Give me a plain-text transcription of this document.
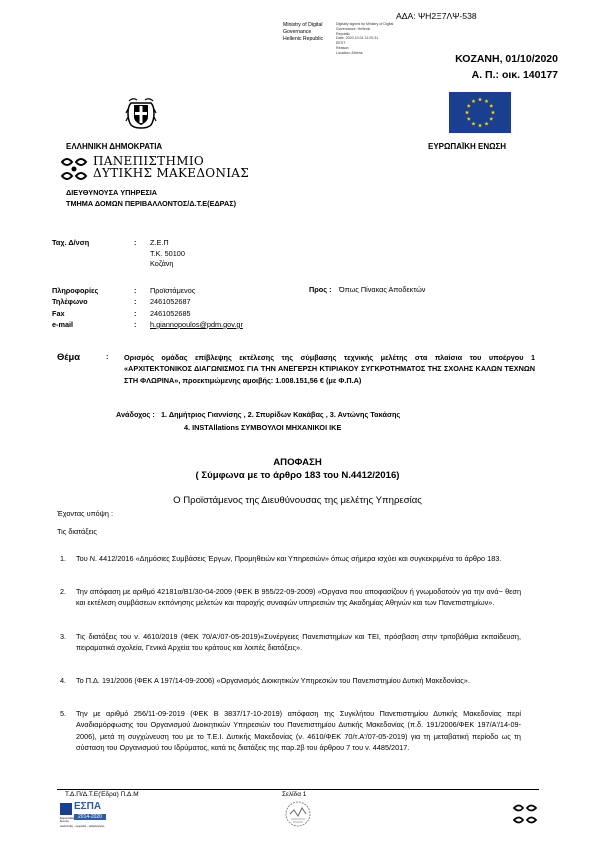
ΑΔΑ: ΨΗ2Ξ7ΛΨ-538
Ministry of Digital
Governance
Hellenic Republic
Digitally signed by Ministry of Digital
Governance, Hellenic
Republic
Date: 2020.10.01 11:20:31
EEST
Reason:
Location: Athens
ΚΟΖΑΝΗ, 01/10/2020
Α. Π.: οικ. 140177
ΕΛΛΗΝΙΚΗ ΔΗΜΟΚΡΑΤΙΑ	ΕΥΡΩΠΑΪΚΗ ΕΝΩΣΗ
ΠΑΝΕΠΙΣΤΗΜΙΟ
ΔΥΤΙΚΗΣ ΜΑΚΕΔΟΝΙΑΣ
ΔΙΕΥΘΥΝΟΥΣΑ ΥΠΗΡΕΣΙΑ
ΤΜΗΜΑ ΔΟΜΩΝ ΠΕΡΙΒΑΛΛΟΝΤΟΣ/Δ.Τ.Ε(ΕΔΡΑΣ)
Ταχ. Δ/νση	: Ζ.Ε.Π
Τ.Κ. 50100
Κοζάνη
Πληροφορίες	:	Προϊστάμενος
Τηλέφωνο	:	2461052687
Fax	:	2461052685
e-mail	:	h.giannopoulos@pdm.gov.gr
Προς : Όπως Πίνακας Αποδεκτών
Θέμα	: Ορισμός ομάδας επίβλεψης εκτέλεσης της σύμβασης τεχνικής μελέτης στα πλαίσια του υποέργου 1 «ΑΡΧΙΤΕΚΤΟΝΙΚΟΣ ΔΙΑΓΩΝΙΣΜΟΣ ΓΙΑ ΤΗΝ ΑΝΕΓΕΡΣΗ ΚΤΙΡΙΑΚΟΥ ΣΥΓΚΡΟΤΗΜΑΤΟΣ ΤΗΣ ΣΧΟΛΗΣ ΚΑΛΩΝ ΤΕΧΝΩΝ ΣΤΗ ΦΛΩΡΙΝΑ», προεκτιμώμενης αμοιβής: 1.008.151,56 € (με Φ.Π.Α)
Ανάδοχος : 1. Δημήτριος Γιαννίσης , 2. Σπυρίδων Κακάβας , 3. Αντώνης Τακάσης
4. INSTAllations ΣΥΜΒΟΥΛΟΙ ΜΗΧΑΝΙΚΟΙ ΙΚΕ
ΑΠΟΦΑΣΗ
( Σύμφωνα με το άρθρο 183 του Ν.4412/2016)
Ο Προϊστάμενος της Διευθύνουσας της μελέτης Υπηρεσίας
Έχοντας υπόψη :
Τις διατάξεις
1. Του Ν. 4412/2016 «Δημόσιες Συμβάσεις Έργων, Προμηθειών και Υπηρεσιών» όπως σήμερα ισχύει και συγκεκριμένα το άρθρο 183.
2. Την απόφαση με αριθμό 42181α/Β1/30-04-2009 (ΦΕΚ Β 955/22-09-2009) «Όργανα που αποφασίζουν ή γνωμοδοτούν για την ανά− θεση και εκτέλεση συμβάσεων εκπόνησης μελετών και παροχής συναφών υπηρεσιών της Ακαδημίας Αθηνών και των Πανεπιστημίων».
3. Τις διατάξεις του ν. 4610/2019 (ΦΕΚ 70/Α'/07-05-2019)«Συνέργειες Πανεπιστημίων και ΤΕΙ, πρόσβαση στην τριτοβάθμια εκπαίδευση, πειραματικά σχολεία, Γενικά Αρχεία του κράτους και λοιπές διατάξεις».
4. Το Π.Δ. 191/2006 (ΦΕΚ Α 197/14-09-2006) «Οργανισμός Διοικητικών Υπηρεσιών του Πανεπιστημίου Δυτική Μακεδονίας».
5. Την με αριθμό 256/11-09-2019 (ΦΕΚ Β 3837/17-10-2019) απόφαση της Συγκλήτου Πανεπιστημίου Δυτικής Μακεδονίας περί Αναδιαμόρφωσης του Οργανισμού Διοικητικών Υπηρεσιών του Πανεπιστημίου Δυτικής Μακεδονίας (π.δ. 191/2006/ΦΕΚ 197/Α'/14-09-2006), μετά τη συγχώνευση του με το Τ.Ε.Ι. Δυτικής Μακεδονίας (ν. 4610/ΦΕΚ 70/τ.Α'/07-05-2019) για τη μεταβατική περίοδο ως τη σύσταση του Οργανισμού του Ιδρύματος, κατά τις διατάξεις της παρ.2β του άρθρου 7 του ν. 4485/2017.
Τ.Δ.Π/Δ.Τ.Ε(Έδρα) Π.Δ.Μ	Σελίδα 1
ΕΣΠΑ
Ευρωπαϊκή Ένωση
2014-2020
ανάπτυξη - εργασία - αλληλεγγύη
